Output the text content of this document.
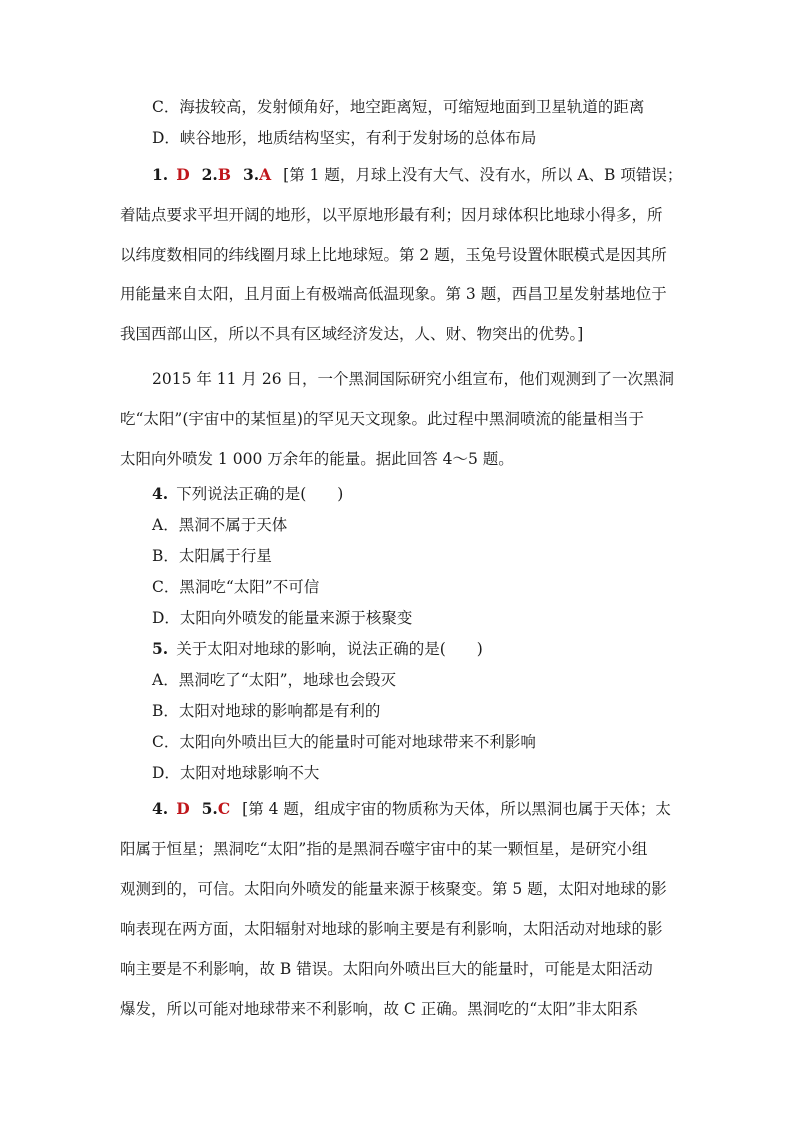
C．海拔较高，发射倾角好，地空距离短，可缩短地面到卫星轨道的距离
D．峡谷地形，地质结构坚实，有利于发射场的总体布局
1. D 2.B 3.A [第 1 题，月球上没有大气、没有水，所以 A、B 项错误；
着陆点要求平坦开阔的地形，以平原地形最有利；因月球体积比地球小得多，所
以纬度数相同的纬线圈月球上比地球短。第 2 题，玉兔号设置休眠模式是因其所
用能量来自太阳，且月面上有极端高低温现象。第 3 题，西昌卫星发射基地位于
我国西部山区，所以不具有区域经济发达，人、财、物突出的优势。]
2015 年 11 月 26 日，一个黑洞国际研究小组宣布，他们观测到了一次黑洞
吃“太阳”(宇宙中的某恒星)的罕见天文现象。此过程中黑洞喷流的能量相当于
太阳向外喷发 1 000 万余年的能量。据此回答 4～5 题。
4. 下列说法正确的是(　　)
A．黑洞不属于天体
B．太阳属于行星
C．黑洞吃“太阳”不可信
D．太阳向外喷发的能量来源于核聚变
5. 关于太阳对地球的影响，说法正确的是(　　)
A．黑洞吃了“太阳”，地球也会毁灭
B．太阳对地球的影响都是有利的
C．太阳向外喷出巨大的能量时可能对地球带来不利影响
D．太阳对地球影响不大
4. D 5.C [第 4 题，组成宇宙的物质称为天体，所以黑洞也属于天体；太
阳属于恒星；黑洞吃“太阳”指的是黑洞吞噬宇宙中的某一颗恒星，是研究小组
观测到的，可信。太阳向外喷发的能量来源于核聚变。第 5 题，太阳对地球的影
响表现在两方面，太阳辐射对地球的影响主要是有利影响，太阳活动对地球的影
响主要是不利影响，故 B 错误。太阳向外喷出巨大的能量时，可能是太阳活动
爆发，所以可能对地球带来不利影响，故 C 正确。黑洞吃的“太阳”非太阳系
